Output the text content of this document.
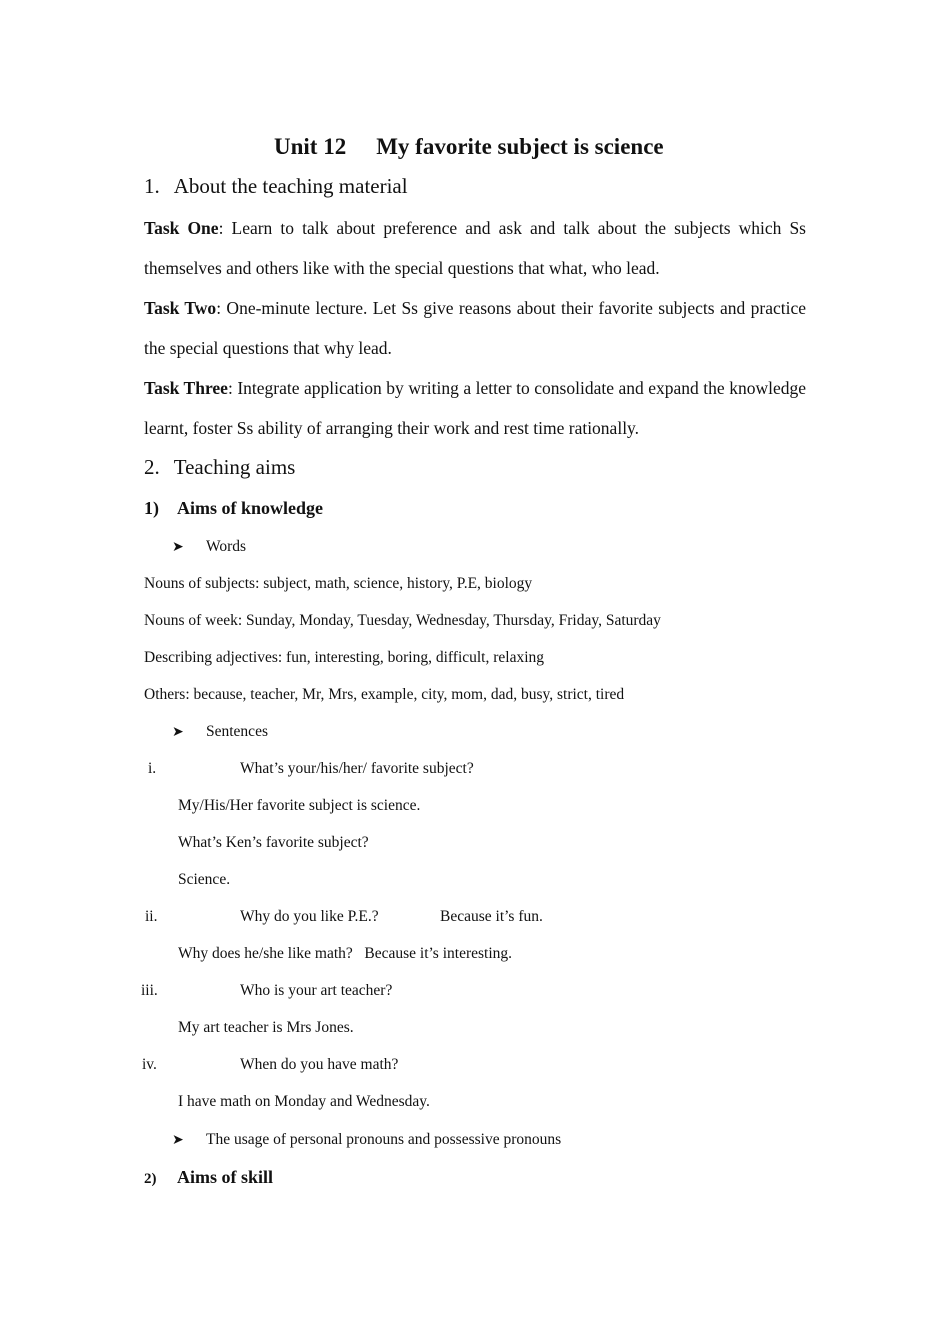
Unit 12 My favorite subject is science
1. About the teaching material
Task One: Learn to talk about preference and ask and talk about the subjects which Ss themselves and others like with the special questions that what, who lead.
Task Two: One-minute lecture. Let Ss give reasons about their favorite subjects and practice the special questions that why lead.
Task Three: Integrate application by writing a letter to consolidate and expand the knowledge learnt, foster Ss ability of arranging their work and rest time rationally.
2. Teaching aims
1) Aims of knowledge
➤ Words
Nouns of subjects: subject, math, science, history, P.E, biology
Nouns of week: Sunday, Monday, Tuesday, Wednesday, Thursday, Friday, Saturday
Describing adjectives: fun, interesting, boring, difficult, relaxing
Others: because, teacher, Mr, Mrs, example, city, mom, dad, busy, strict, tired
➤ Sentences
i.	What’s your/his/her/ favorite subject?
My/His/Her favorite subject is science.
What’s Ken’s favorite subject?
Science.
ii.	Why do you like P.E.?	Because it’s fun.
Why does he/she like math?   Because it’s interesting.
iii.	Who is your art teacher?
My art teacher is Mrs Jones.
iv.	When do you have math?
I have math on Monday and Wednesday.
➤ The usage of personal pronouns and possessive pronouns
2) Aims of skill
